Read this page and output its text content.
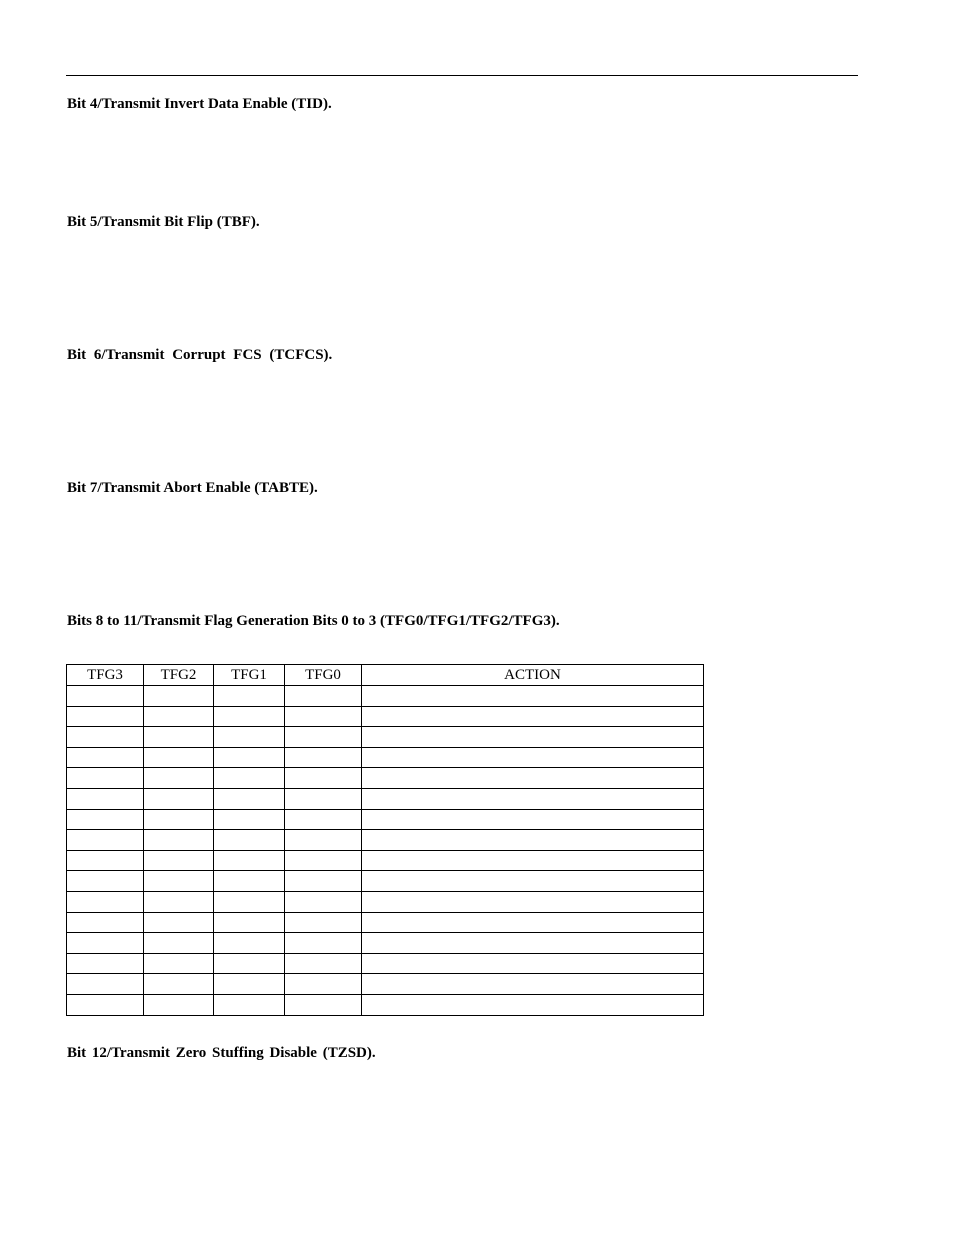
Bit 4/Transmit Invert Data Enable (TID).

Bit 5/Transmit Bit Flip (TBF).

Bit 6/Transmit Corrupt FCS (TCFCS).

Bit 7/Transmit Abort Enable (TABTE).

Bits 8 to 11/Transmit Flag Generation Bits 0 to 3 (TFG0/TFG1/TFG2/TFG3).

TFG3	TFG2	TFG1	TFG0	ACTION

Bit 12/Transmit Zero Stuffing Disable (TZSD).
